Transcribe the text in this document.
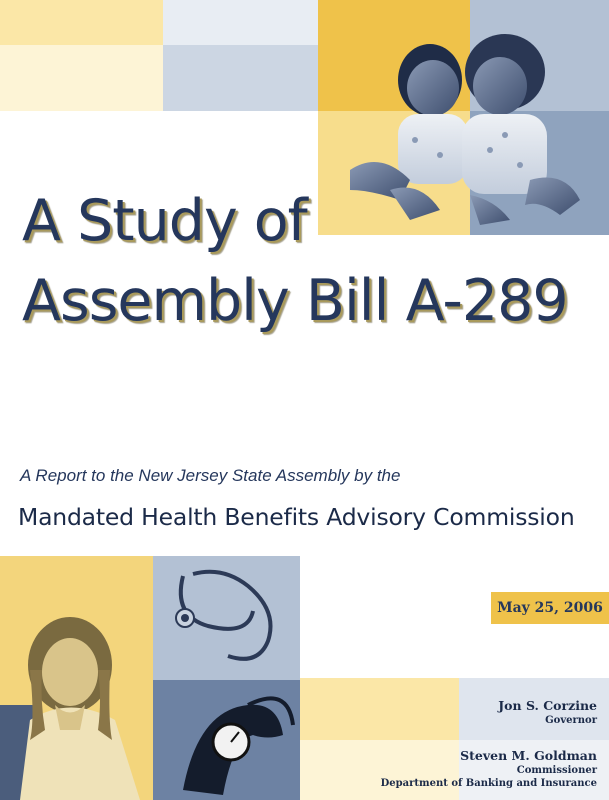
A Study of
Assembly Bill A-289

A Report to the New Jersey State Assembly by the

Mandated Health Benefits Advisory Commission

May 25, 2006
Jon S. Corzine
Governor
Steven M. Goldman
Commissioner
Department of Banking and Insurance
